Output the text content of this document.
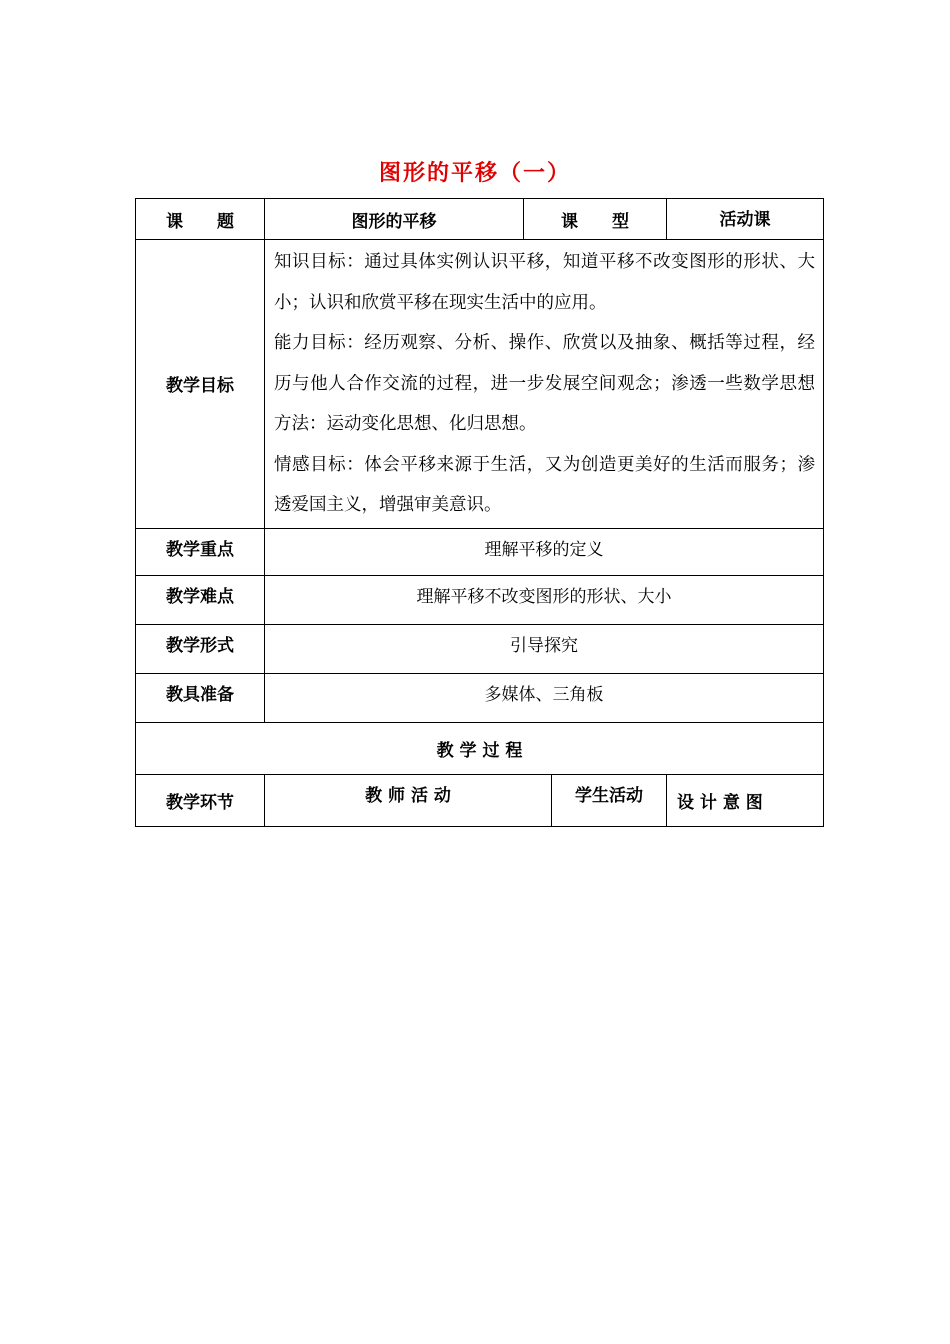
图形的平移（一）
课　　题	图形的平移	课　　型		活动课
教学目标	知识目标：通过具体实例认识平移，知道平移不改变图形的形状、大小；认识和欣赏平移在现实生活中的应用。

能力目标：经历观察、分析、操作、欣赏以及抽象、概括等过程，经历与他人合作交流的过程，进一步发展空间观念；渗透一些数学思想方法：运动变化思想、化归思想。

情感目标：体会平移来源于生活，又为创造更美好的生活而服务；渗透爱国主义，增强审美意识。			

教学重点	理解平移的定义			
教学难点	理解平移不改变图形的形状、大小			
教学形式	引导探究			
教具准备	多媒体、三角板			
教 学 过 程				
教学环节	教 师 活 动		学生活动	设 计 意 图
